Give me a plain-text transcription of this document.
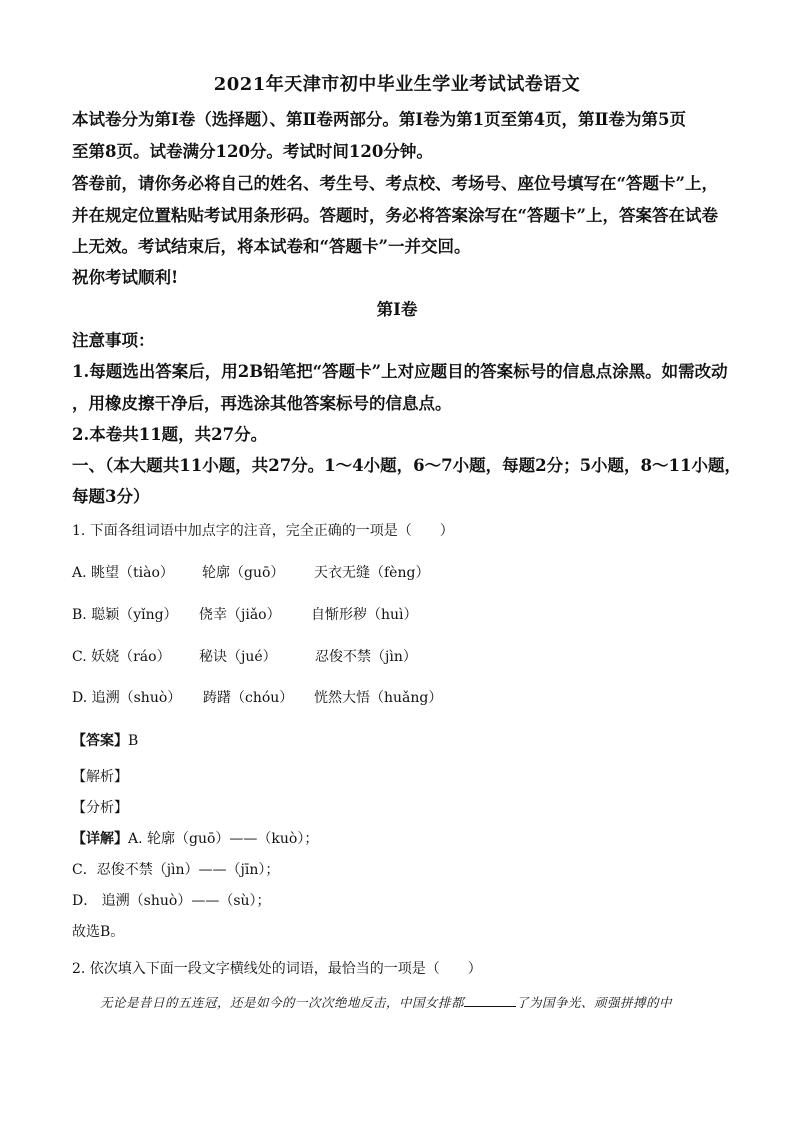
2021年天津市初中毕业生学业考试试卷语文
本试卷分为第Ⅰ卷（选择题）、第Ⅱ卷两部分。第Ⅰ卷为第1页至第4页，第Ⅱ卷为第5页
至第8页。试卷满分120分。考试时间120分钟。
答卷前，请你务必将自己的姓名、考生号、考点校、考场号、座位号填写在“答题卡”上，
并在规定位置粘贴考试用条形码。答题时，务必将答案涂写在“答题卡”上，答案答在试卷
上无效。考试结束后，将本试卷和“答题卡”一并交回。
祝你考试顺利!
第Ⅰ卷
注意事项：
1.每题选出答案后，用2B铅笔把“答题卡”上对应题目的答案标号的信息点涂黑。如需改动
，用橡皮擦干净后，再选涂其他答案标号的信息点。
2.本卷共11题，共27分。
一、（本大题共11小题，共27分。1～4小题，6～7小题，每题2分；5小题，8～11小题，
每题3分）
1. 下面各组词语中加点字的注音，完全正确的一项是（　　）
A. 眺望（tiào） 轮廓（guō） 天衣无缝（fèng）
B. 聪颖（yǐng） 侥幸（jiǎo） 自惭形秽（huì）
C. 妖娆（ráo） 秘诀（jué）	忍俊不禁（jìn）
D. 追溯（shuò） 踌躇（chóu） 恍然大悟（huǎng）
【答案】B
【解析】
【分析】
【详解】A. 轮廓（guō）——（kuò）；
C．忍俊不禁（jìn）——（jīn）；
D． 追溯（shuò）——（sù）；
故选B。
2. 依次填入下面一段文字横线处的词语，最恰当的一项是（　　）
无论是昔日的五连冠，还是如今的一次次绝地反击，中国女排都	了为国争光、顽强拼搏的中
